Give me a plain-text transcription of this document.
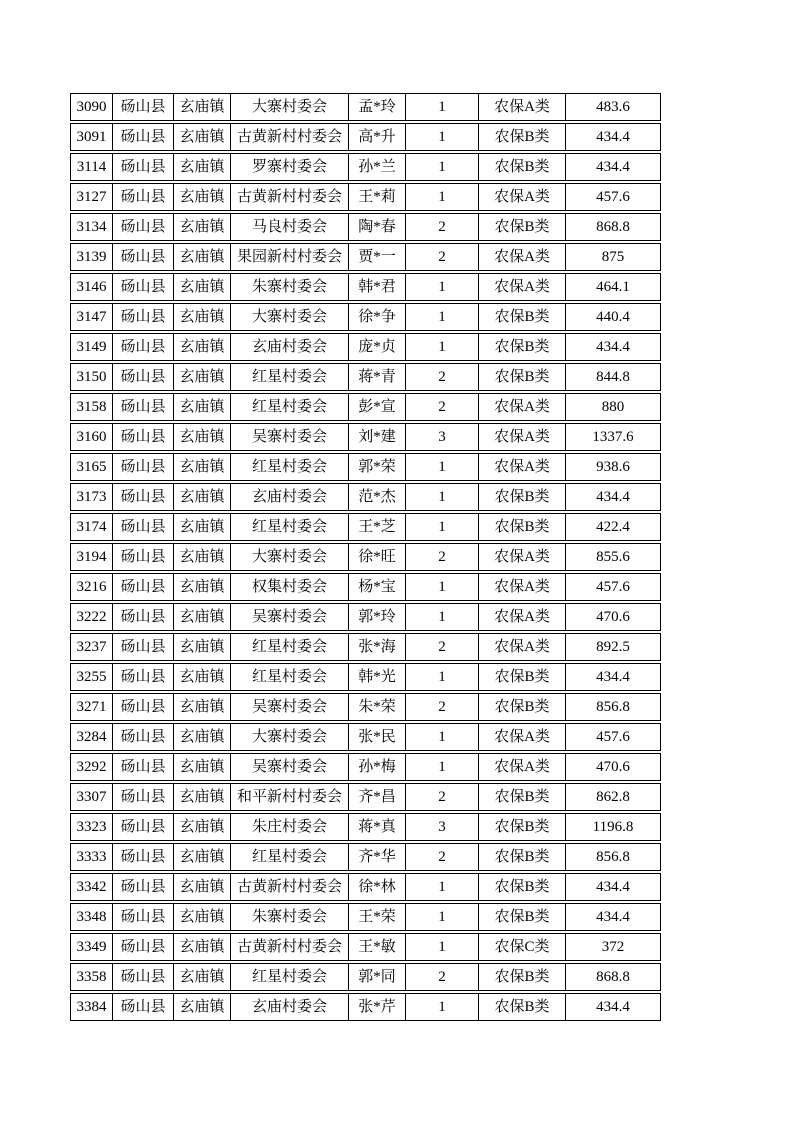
3090 砀山县 玄庙镇	大寨村委会	孟*玲	1	农保A类	483.6
3091 砀山县 玄庙镇 古黄新村村委会	高*升	1	农保B类	434.4
3114 砀山县 玄庙镇	罗寨村委会	孙*兰	1	农保B类	434.4
3127 砀山县 玄庙镇 古黄新村村委会	王*莉	1	农保A类	457.6
3134 砀山县 玄庙镇	马良村委会	陶*春	2	农保B类	868.8
3139 砀山县 玄庙镇 果园新村村委会	贾*一	2	农保A类	875
3146 砀山县 玄庙镇	朱寨村委会	韩*君	1	农保A类	464.1
3147 砀山县 玄庙镇	大寨村委会	徐*争	1	农保B类	440.4
3149 砀山县 玄庙镇	玄庙村委会	庞*贞	1	农保B类	434.4
3150 砀山县 玄庙镇	红星村委会	蒋*青	2	农保B类	844.8
3158 砀山县 玄庙镇	红星村委会	彭*宣	2	农保A类	880
3160 砀山县 玄庙镇	吴寨村委会	刘*建	3	农保A类	1337.6
3165 砀山县 玄庙镇	红星村委会	郭*荣	1	农保A类	938.6
3173 砀山县 玄庙镇	玄庙村委会	范*杰	1	农保B类	434.4
3174 砀山县 玄庙镇	红星村委会	王*芝	1	农保B类	422.4
3194 砀山县 玄庙镇	大寨村委会	徐*旺	2	农保A类	855.6
3216 砀山县 玄庙镇	权集村委会	杨*宝	1	农保A类	457.6
3222 砀山县 玄庙镇	吴寨村委会	郭*玲	1	农保A类	470.6
3237 砀山县 玄庙镇	红星村委会	张*海	2	农保A类	892.5
3255 砀山县 玄庙镇	红星村委会	韩*光	1	农保B类	434.4
3271 砀山县 玄庙镇	吴寨村委会	朱*荣	2	农保B类	856.8
3284 砀山县 玄庙镇	大寨村委会	张*民	1	农保A类	457.6
3292 砀山县 玄庙镇	吴寨村委会	孙*梅	1	农保A类	470.6
3307 砀山县 玄庙镇 和平新村村委会	齐*昌	2	农保B类	862.8
3323 砀山县 玄庙镇	朱庄村委会	蒋*真	3	农保B类	1196.8
3333 砀山县 玄庙镇	红星村委会	齐*华	2	农保B类	856.8
3342 砀山县 玄庙镇 古黄新村村委会	徐*林	1	农保B类	434.4
3348 砀山县 玄庙镇	朱寨村委会	王*荣	1	农保B类	434.4
3349 砀山县 玄庙镇 古黄新村村委会	王*敏	1	农保C类	372
3358 砀山县 玄庙镇	红星村委会	郭*同	2	农保B类	868.8
3384 砀山县 玄庙镇	玄庙村委会	张*芹	1	农保B类	434.4
